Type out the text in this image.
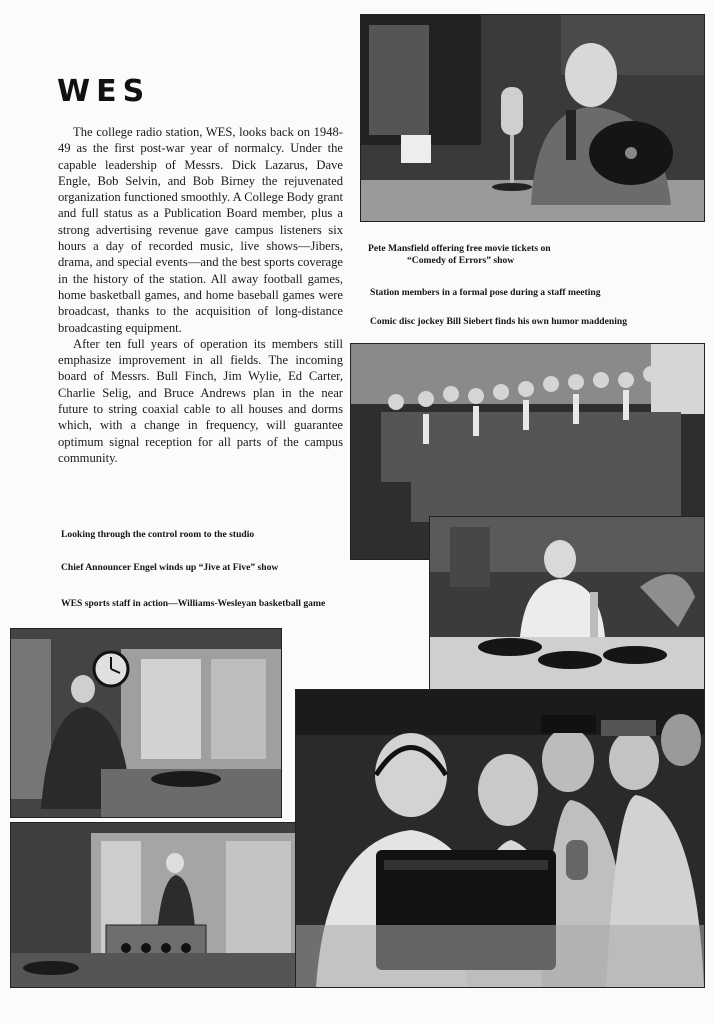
WES

The college radio station, WES, looks back on 1948-49 as the first post-war year of normalcy. Under the capable leadership of Messrs. Dick Lazarus, Dave Engle, Bob Selvin, and Bob Birney the rejuvenated organization functioned smoothly. A College Body grant and full status as a Publication Board member, plus a strong advertising revenue gave campus listeners six hours a day of recorded music, live shows—Jibers, drama, and special events—and the best sports coverage in the history of the station. All away football games, home basketball games, and home baseball games were broadcast, thanks to the acquisition of long-distance broadcasting equipment.

After ten full years of operation its members still emphasize improvement in all fields. The incoming board of Messrs. Bull Finch, Jim Wylie, Ed Carter, Charlie Selig, and Bruce Andrews plan in the near future to string coaxial cable to all houses and dorms which, with a change in frequency, will guarantee optimum signal reception for all parts of the campus community.

Pete Mansfield offering free movie tickets on
“Comedy of Errors” show
Station members in a formal pose during a staff meeting
Comic disc jockey Bill Siebert finds his own humor maddening
Looking through the control room to the studio
Chief Announcer Engel winds up “Jive at Five” show
WES sports staff in action—Williams-Wesleyan basketball game
